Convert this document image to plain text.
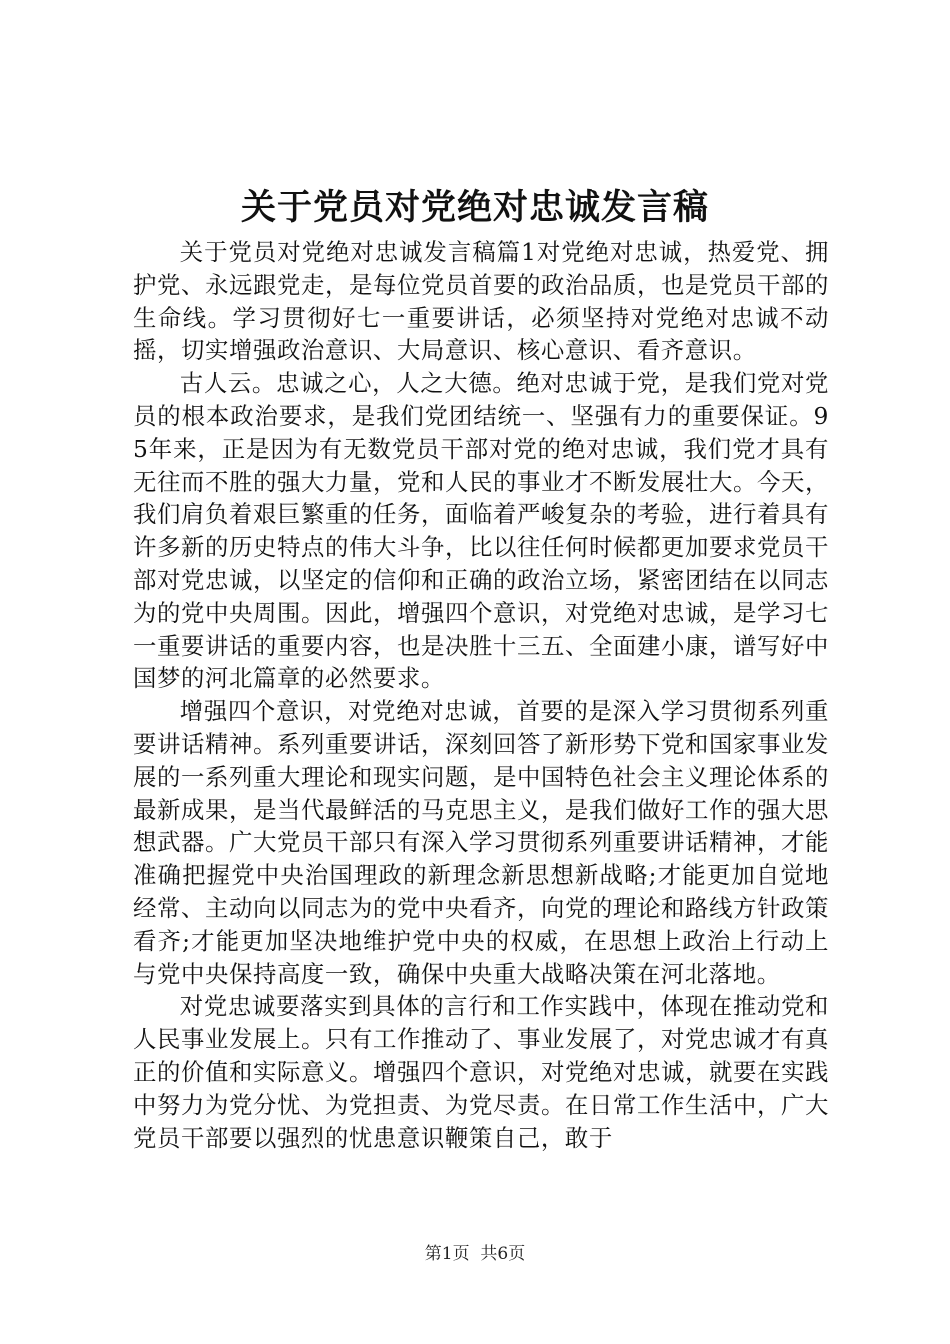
关于党员对党绝对忠诚发言稿

关于党员对党绝对忠诚发言稿篇1对党绝对忠诚，热爱党、拥护党、永远跟党走，是每位党员首要的政治品质，也是党员干部的生命线。学习贯彻好七一重要讲话，必须坚持对党绝对忠诚不动摇，切实增强政治意识、大局意识、核心意识、看齐意识。

古人云。忠诚之心，人之大德。绝对忠诚于党，是我们党对党员的根本政治要求，是我们党团结统一、坚强有力的重要保证。95年来，正是因为有无数党员干部对党的绝对忠诚，我们党才具有无往而不胜的强大力量，党和人民的事业才不断发展壮大。今天，我们肩负着艰巨繁重的任务，面临着严峻复杂的考验，进行着具有许多新的历史特点的伟大斗争，比以往任何时候都更加要求党员干部对党忠诚，以坚定的信仰和正确的政治立场，紧密团结在以同志为的党中央周围。因此，增强四个意识，对党绝对忠诚，是学习七一重要讲话的重要内容，也是决胜十三五、全面建小康，谱写好中国梦的河北篇章的必然要求。

增强四个意识，对党绝对忠诚，首要的是深入学习贯彻系列重要讲话精神。系列重要讲话，深刻回答了新形势下党和国家事业发展的一系列重大理论和现实问题，是中国特色社会主义理论体系的最新成果，是当代最鲜活的马克思主义，是我们做好工作的强大思想武器。广大党员干部只有深入学习贯彻系列重要讲话精神，才能准确把握党中央治国理政的新理念新思想新战略;才能更加自觉地经常、主动向以同志为的党中央看齐，向党的理论和路线方针政策看齐;才能更加坚决地维护党中央的权威，在思想上政治上行动上与党中央保持高度一致，确保中央重大战略决策在河北落地。

对党忠诚要落实到具体的言行和工作实践中，体现在推动党和人民事业发展上。只有工作推动了、事业发展了，对党忠诚才有真正的价值和实际意义。增强四个意识，对党绝对忠诚，就要在实践中努力为党分忧、为党担责、为党尽责。在日常工作生活中，广大党员干部要以强烈的忧患意识鞭策自己，敢于

第1页 共6页
